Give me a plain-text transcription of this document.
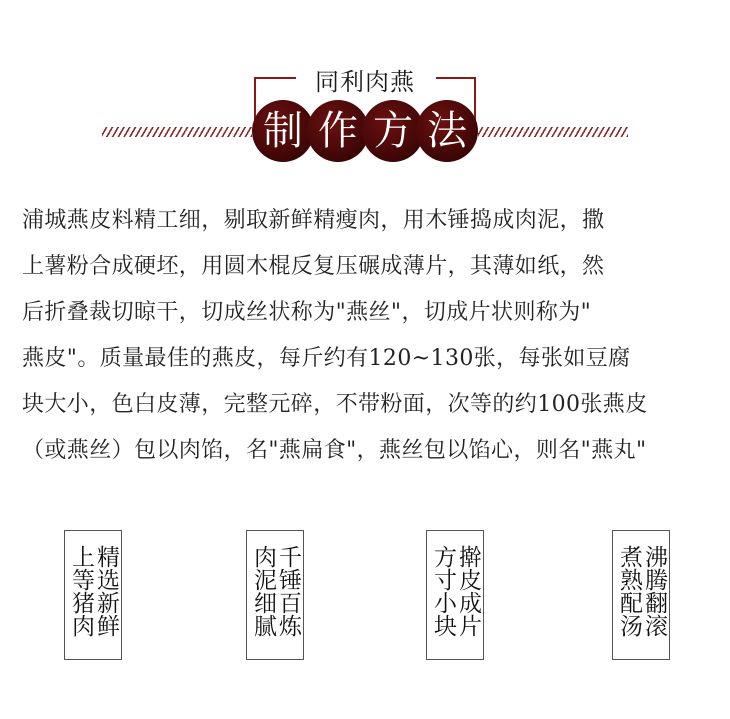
同利肉燕
制 作 方 法

浦城燕皮料精工细，剔取新鲜精瘦肉，用木锤捣成肉泥，撒

上薯粉合成硬坯，用圆木棍反复压碾成薄片，其薄如纸，然

后折叠裁切晾干，切成丝状称为"燕丝"，切成片状则称为"

燕皮"。质量最佳的燕皮，每斤约有120~130张，每张如豆腐

块大小，色白皮薄，完整元碎，不带粉面，次等的约100张燕皮

（或燕丝）包以肉馅，名"燕扁食"，燕丝包以馅心，则名"燕丸"

精选新鲜
上等猪肉	千锤百炼
肉泥细腻	擀皮成片
方寸小块	沸腾翻滚
煮熟配汤
